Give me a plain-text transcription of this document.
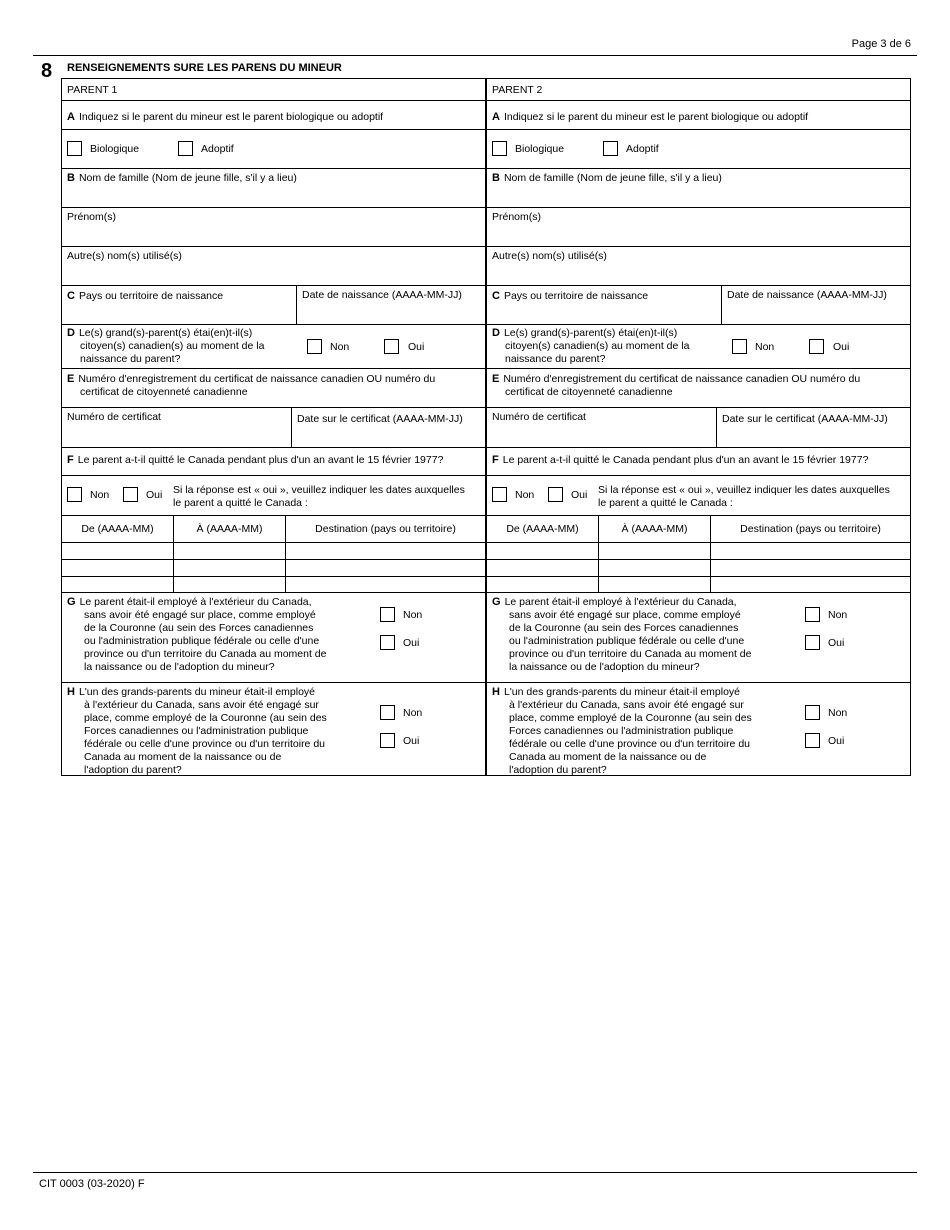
Page 3 de 6
8 RENSEIGNEMENTS SURE LES PARENS DU MINEUR
PARENT 1
A Indiquez si le parent du mineur est le parent biologique ou adoptif
Biologique	Adoptif
B Nom de famille (Nom de jeune fille, s'il y a lieu)
Prénom(s)
Autre(s) nom(s) utilisé(s)
C Pays ou territoire de naissance	Date de naissance (AAAA-MM-JJ)
D Le(s) grand(s)-parent(s) étai(en)t-il(s)
citoyen(s) canadien(s) au moment de la
naissance du parent?
Non	Oui
E Numéro d'enregistrement du certificat de naissance canadien OU numéro du
certificat de citoyenneté canadienne
Numéro de certificat	Date sur le certificat (AAAA-MM-JJ)
F Le parent a-t-il quitté le Canada pendant plus d'un an avant le 15 février 1977?
Non	Oui Si la réponse est « oui », veuillez indiquer les dates auxquelles
le parent a quitté le Canada :
De (AAAA-MM)	À (AAAA-MM)	Destination (pays ou territoire)
G Le parent était-il employé à l'extérieur du Canada,
sans avoir été engagé sur place, comme employé
de la Couronne (au sein des Forces canadiennes
ou l'administration publique fédérale ou celle d'une
province ou d'un territoire du Canada au moment de
la naissance ou de l'adoption du mineur?
Non
Oui
H L'un des grands-parents du mineur était-il employé
à l'extérieur du Canada, sans avoir été engagé sur
place, comme employé de la Couronne (au sein des
Forces canadiennes ou l'administration publique
fédérale ou celle d'une province ou d'un territoire du
Canada au moment de la naissance ou de
l'adoption du parent?
Non
Oui
PARENT 2
A Indiquez si le parent du mineur est le parent biologique ou adoptif
Biologique	Adoptif
B Nom de famille (Nom de jeune fille, s'il y a lieu)
Prénom(s)
Autre(s) nom(s) utilisé(s)
C Pays ou territoire de naissance	Date de naissance (AAAA-MM-JJ)
D Le(s) grand(s)-parent(s) étai(en)t-il(s)
citoyen(s) canadien(s) au moment de la
naissance du parent?
Non	Oui
E Numéro d'enregistrement du certificat de naissance canadien OU numéro du
certificat de citoyenneté canadienne
Numéro de certificat	Date sur le certificat (AAAA-MM-JJ)
F Le parent a-t-il quitté le Canada pendant plus d'un an avant le 15 février 1977?
Non	Oui Si la réponse est « oui », veuillez indiquer les dates auxquelles
le parent a quitté le Canada :
De (AAAA-MM)	À (AAAA-MM)	Destination (pays ou territoire)
G Le parent était-il employé à l'extérieur du Canada,
sans avoir été engagé sur place, comme employé
de la Couronne (au sein des Forces canadiennes
ou l'administration publique fédérale ou celle d'une
province ou d'un territoire du Canada au moment de
la naissance ou de l'adoption du mineur?
Non
Oui
H L'un des grands-parents du mineur était-il employé
à l'extérieur du Canada, sans avoir été engagé sur
place, comme employé de la Couronne (au sein des
Forces canadiennes ou l'administration publique
fédérale ou celle d'une province ou d'un territoire du
Canada au moment de la naissance ou de
l'adoption du parent?
Non
Oui
CIT 0003 (03-2020) F
